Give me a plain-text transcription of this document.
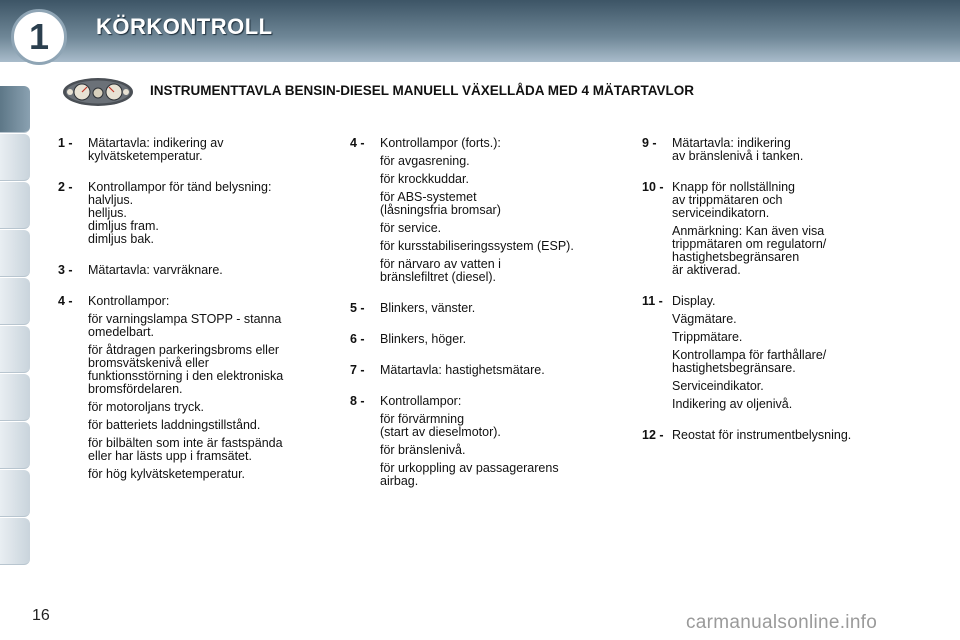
1	KÖRKONTROLL
INSTRUMENTTAVLA BENSIN-DIESEL MANUELL VÄXELLÅDA MED 4 MÄTARTAVLOR
1 - Mätartavla: indikering av
kylvätsketemperatur.
2 - Kontrollampor för tänd belysning:
halvljus.
helljus.
dimljus fram.
dimljus bak.
3 - Mätartavla: varvräknare.
4 - Kontrollampor:
för varningslampa STOPP - stanna
omedelbart.
för åtdragen parkeringsbroms eller
bromsvätskenivå eller
funktionsstörning i den elektroniska
bromsfördelaren.
för motoroljans tryck.
för batteriets laddningstillstånd.
för bilbälten som inte är fastspända
eller har lästs upp i framsätet.
för hög kylvätsketemperatur.
4 - Kontrollampor (forts.):
för avgasrening.
för krockkuddar.
för ABS-systemet
(låsningsfria bromsar)
för service.
för kursstabiliseringssystem (ESP).
för närvaro av vatten i
bränslefiltret (diesel).
5 - Blinkers, vänster.
6 - Blinkers, höger.
7 - Mätartavla: hastighetsmätare.
8 - Kontrollampor:
för förvärmning
(start av dieselmotor).
för bränslenivå.
för urkoppling av passagerarens
airbag.
9 - Mätartavla: indikering
av bränslenivå i tanken.
10 - Knapp för nollställning
av trippmätaren och
serviceindikatorn.
Anmärkning: Kan även visa
trippmätaren om regulatorn/
hastighetsbegränsaren
är aktiverad.
11 - Display.
Vägmätare.
Trippmätare.
Kontrollampa för farthållare/
hastighetsbegränsare.
Serviceindikator.
Indikering av oljenivå.
12 - Reostat för instrumentbelysning.
16	carmanualsonline.info
